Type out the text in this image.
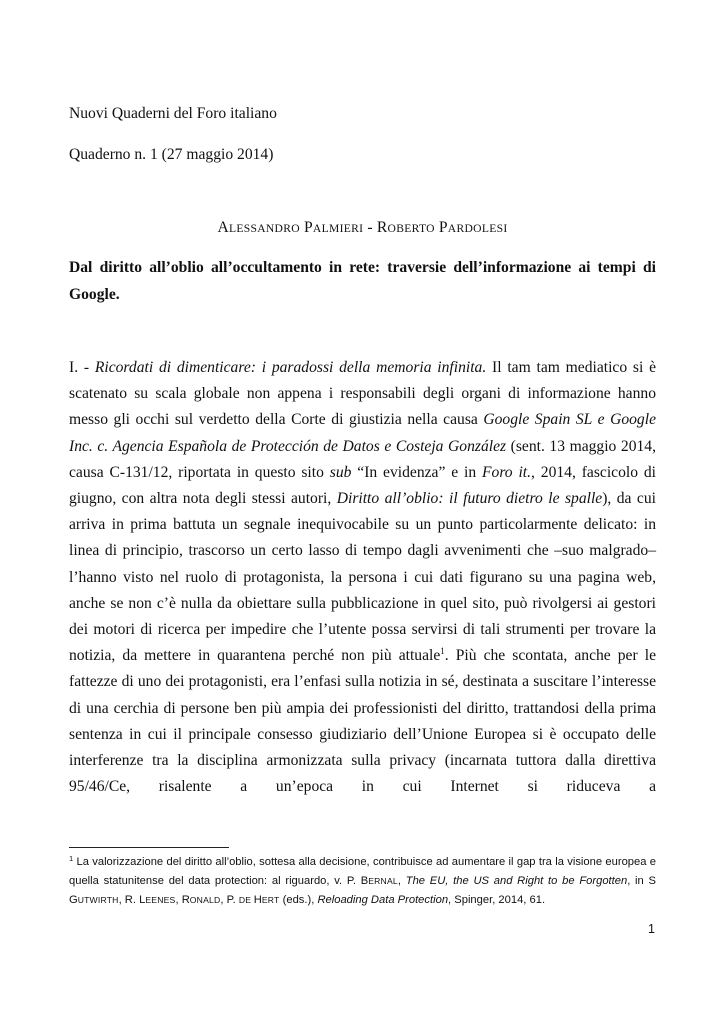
Nuovi Quaderni del Foro italiano
Quaderno n. 1 (27 maggio 2014)
ALESSANDRO PALMIERI - ROBERTO PARDOLESI
Dal diritto all’oblio all’occultamento in rete: traversie dell’informazione ai tempi di Google.

I. - Ricordati di dimenticare: i paradossi della memoria infinita. Il tam tam mediatico si è scatenato su scala globale non appena i responsabili degli organi di informazione hanno messo gli occhi sul verdetto della Corte di giustizia nella causa Google Spain SL e Google Inc. c. Agencia Española de Protección de Datos e Costeja González (sent. 13 maggio 2014, causa C-131/12, riportata in questo sito sub “In evidenza” e in Foro it., 2014, fascicolo di giugno, con altra nota degli stessi autori, Diritto all’oblio: il futuro dietro le spalle), da cui arriva in prima battuta un segnale inequivocabile su un punto particolarmente delicato: in linea di principio, trascorso un certo lasso di tempo dagli avvenimenti che –suo malgrado– l’hanno visto nel ruolo di protagonista, la persona i cui dati figurano su una pagina web, anche se non c’è nulla da obiettare sulla pubblicazione in quel sito, può rivolgersi ai gestori dei motori di ricerca per impedire che l’utente possa servirsi di tali strumenti per trovare la notizia, da mettere in quarantena perché non più attuale$^1$. Più che scontata, anche per le fattezze di uno dei protagonisti, era l’enfasi sulla notizia in sé, destinata a suscitare l’interesse di una cerchia di persone ben più ampia dei professionisti del diritto, trattandosi della prima sentenza in cui il principale consesso giudiziario dell’Unione Europea si è occupato delle interferenze tra la disciplina armonizzata sulla privacy (incarnata tuttora dalla direttiva 95/46/Ce, risalente a un’epoca in cui Internet si riduceva a

$^1$ La valorizzazione del diritto all’oblio, sottesa alla decisione, contribuisce ad aumentare il gap tra la visione europea e quella statunitense del data protection: al riguardo, v. P. BERNAL, The EU, the US and Right to be Forgotten, in S GUTWIRTH, R. LEENES, RONALD, P. DE HERT (eds.), Reloading Data Protection, Spinger, 2014, 61.
1
